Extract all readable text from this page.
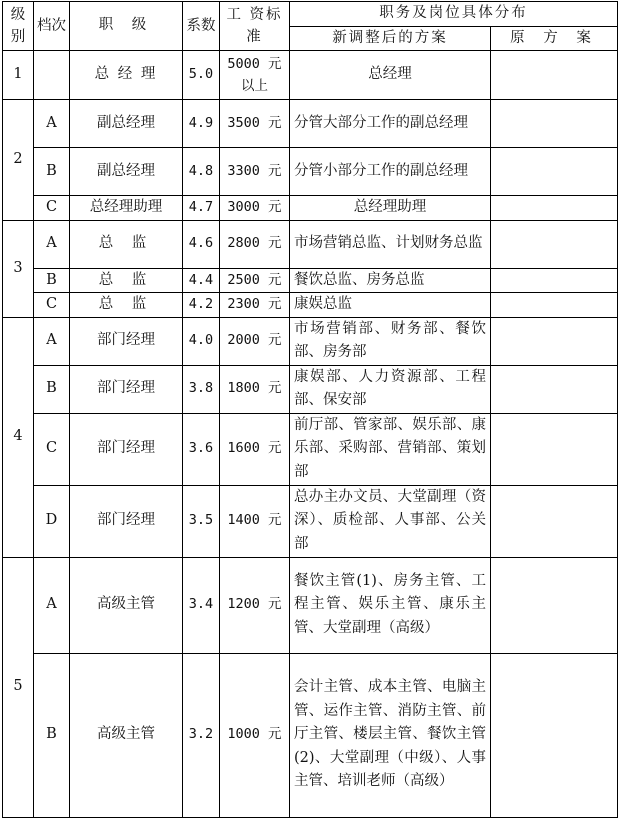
级别	档次	职 级	系数	工 资标 准	职务及岗位具体分布	
					新调整后的方案	原 方 案
1		总 经 理	5.0	5000 元以上	总经理	
2	A	副总经理	4.9	3500 元	分管大部分工作的副总经理	
	B	副总经理	4.8	3300 元	分管小部分工作的副总经理	
	C	总经理助理	4.7	3000 元	总经理助理	
3	A	总 监	4.6	2800 元	市场营销总监、计划财务总监	
	B	总 监	4.4	2500 元	餐饮总监、房务总监	
	C	总 监	4.2	2300 元	康娱总监	
4	A	部门经理	4.0	2000 元	市场营销部、财务部、餐饮部、房务部	
	B	部门经理	3.8	1800 元	康娱部、人力资源部、工程部、保安部	
	C	部门经理	3.6	1600 元	前厅部、管家部、娱乐部、康乐部、采购部、营销部、策划部	
	D	部门经理	3.5	1400 元	总办主办文员、大堂副理（资深）、质检部、人事部、公关部	
5	A	高级主管	3.4	1200 元	餐饮主管(1)、房务主管、工程主管、娱乐主管、康乐主管、大堂副理（高级）	
	B	高级主管	3.2	1000 元	会计主管、成本主管、电脑主管、运作主管、消防主管、前厅主管、楼层主管、餐饮主管(2)、大堂副理（中级）、人事主管、培训老师（高级）	
